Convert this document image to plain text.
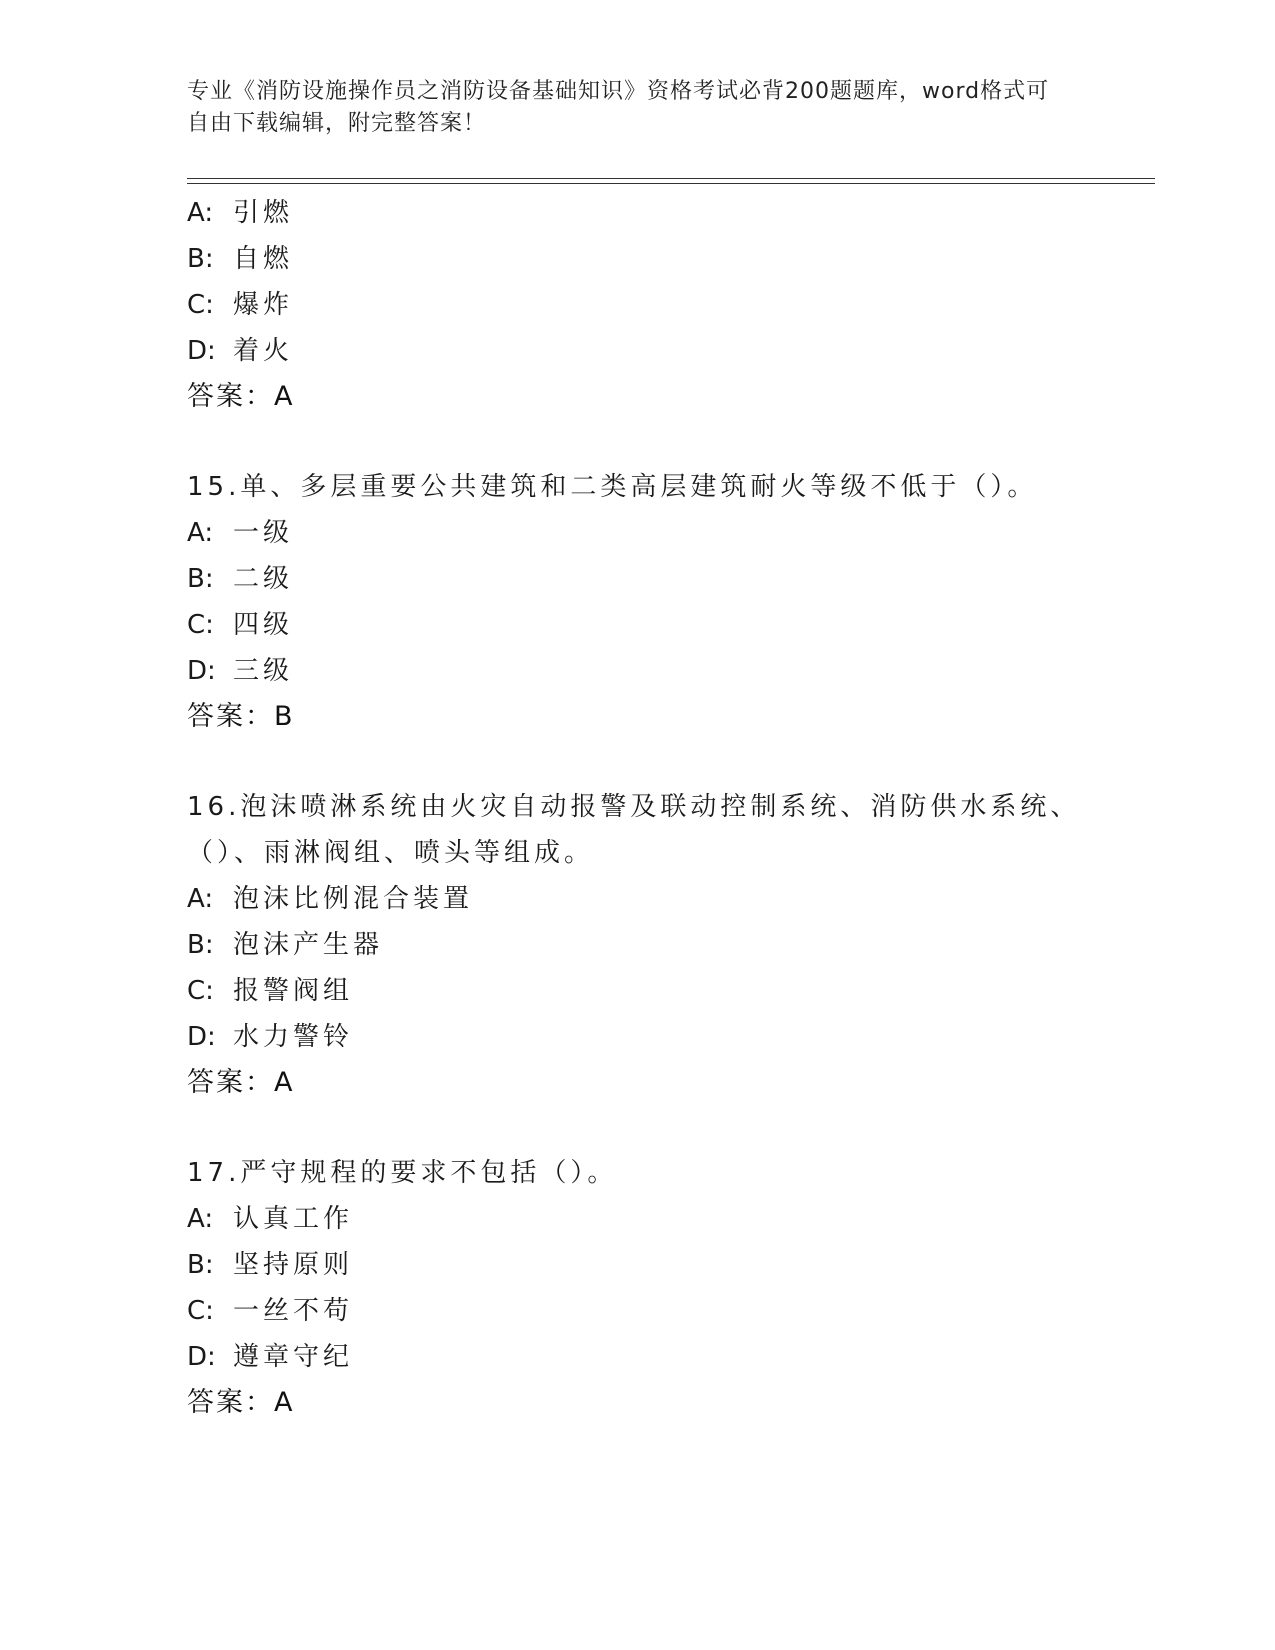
专业《消防设施操作员之消防设备基础知识》资格考试必背200题题库，word格式可自由下载编辑，附完整答案！
A: 引燃
B: 自燃
C: 爆炸
D: 着火
答案：A
15.单、多层重要公共建筑和二类高层建筑耐火等级不低于（）。
A: 一级
B: 二级
C: 四级
D: 三级
答案：B
16.泡沫喷淋系统由火灾自动报警及联动控制系统、消防供水系统、（）、雨淋阀组、喷头等组成。
A: 泡沫比例混合装置
B: 泡沫产生器
C: 报警阀组
D: 水力警铃
答案：A
17.严守规程的要求不包括（）。
A: 认真工作
B: 坚持原则
C: 一丝不苟
D: 遵章守纪
答案：A
